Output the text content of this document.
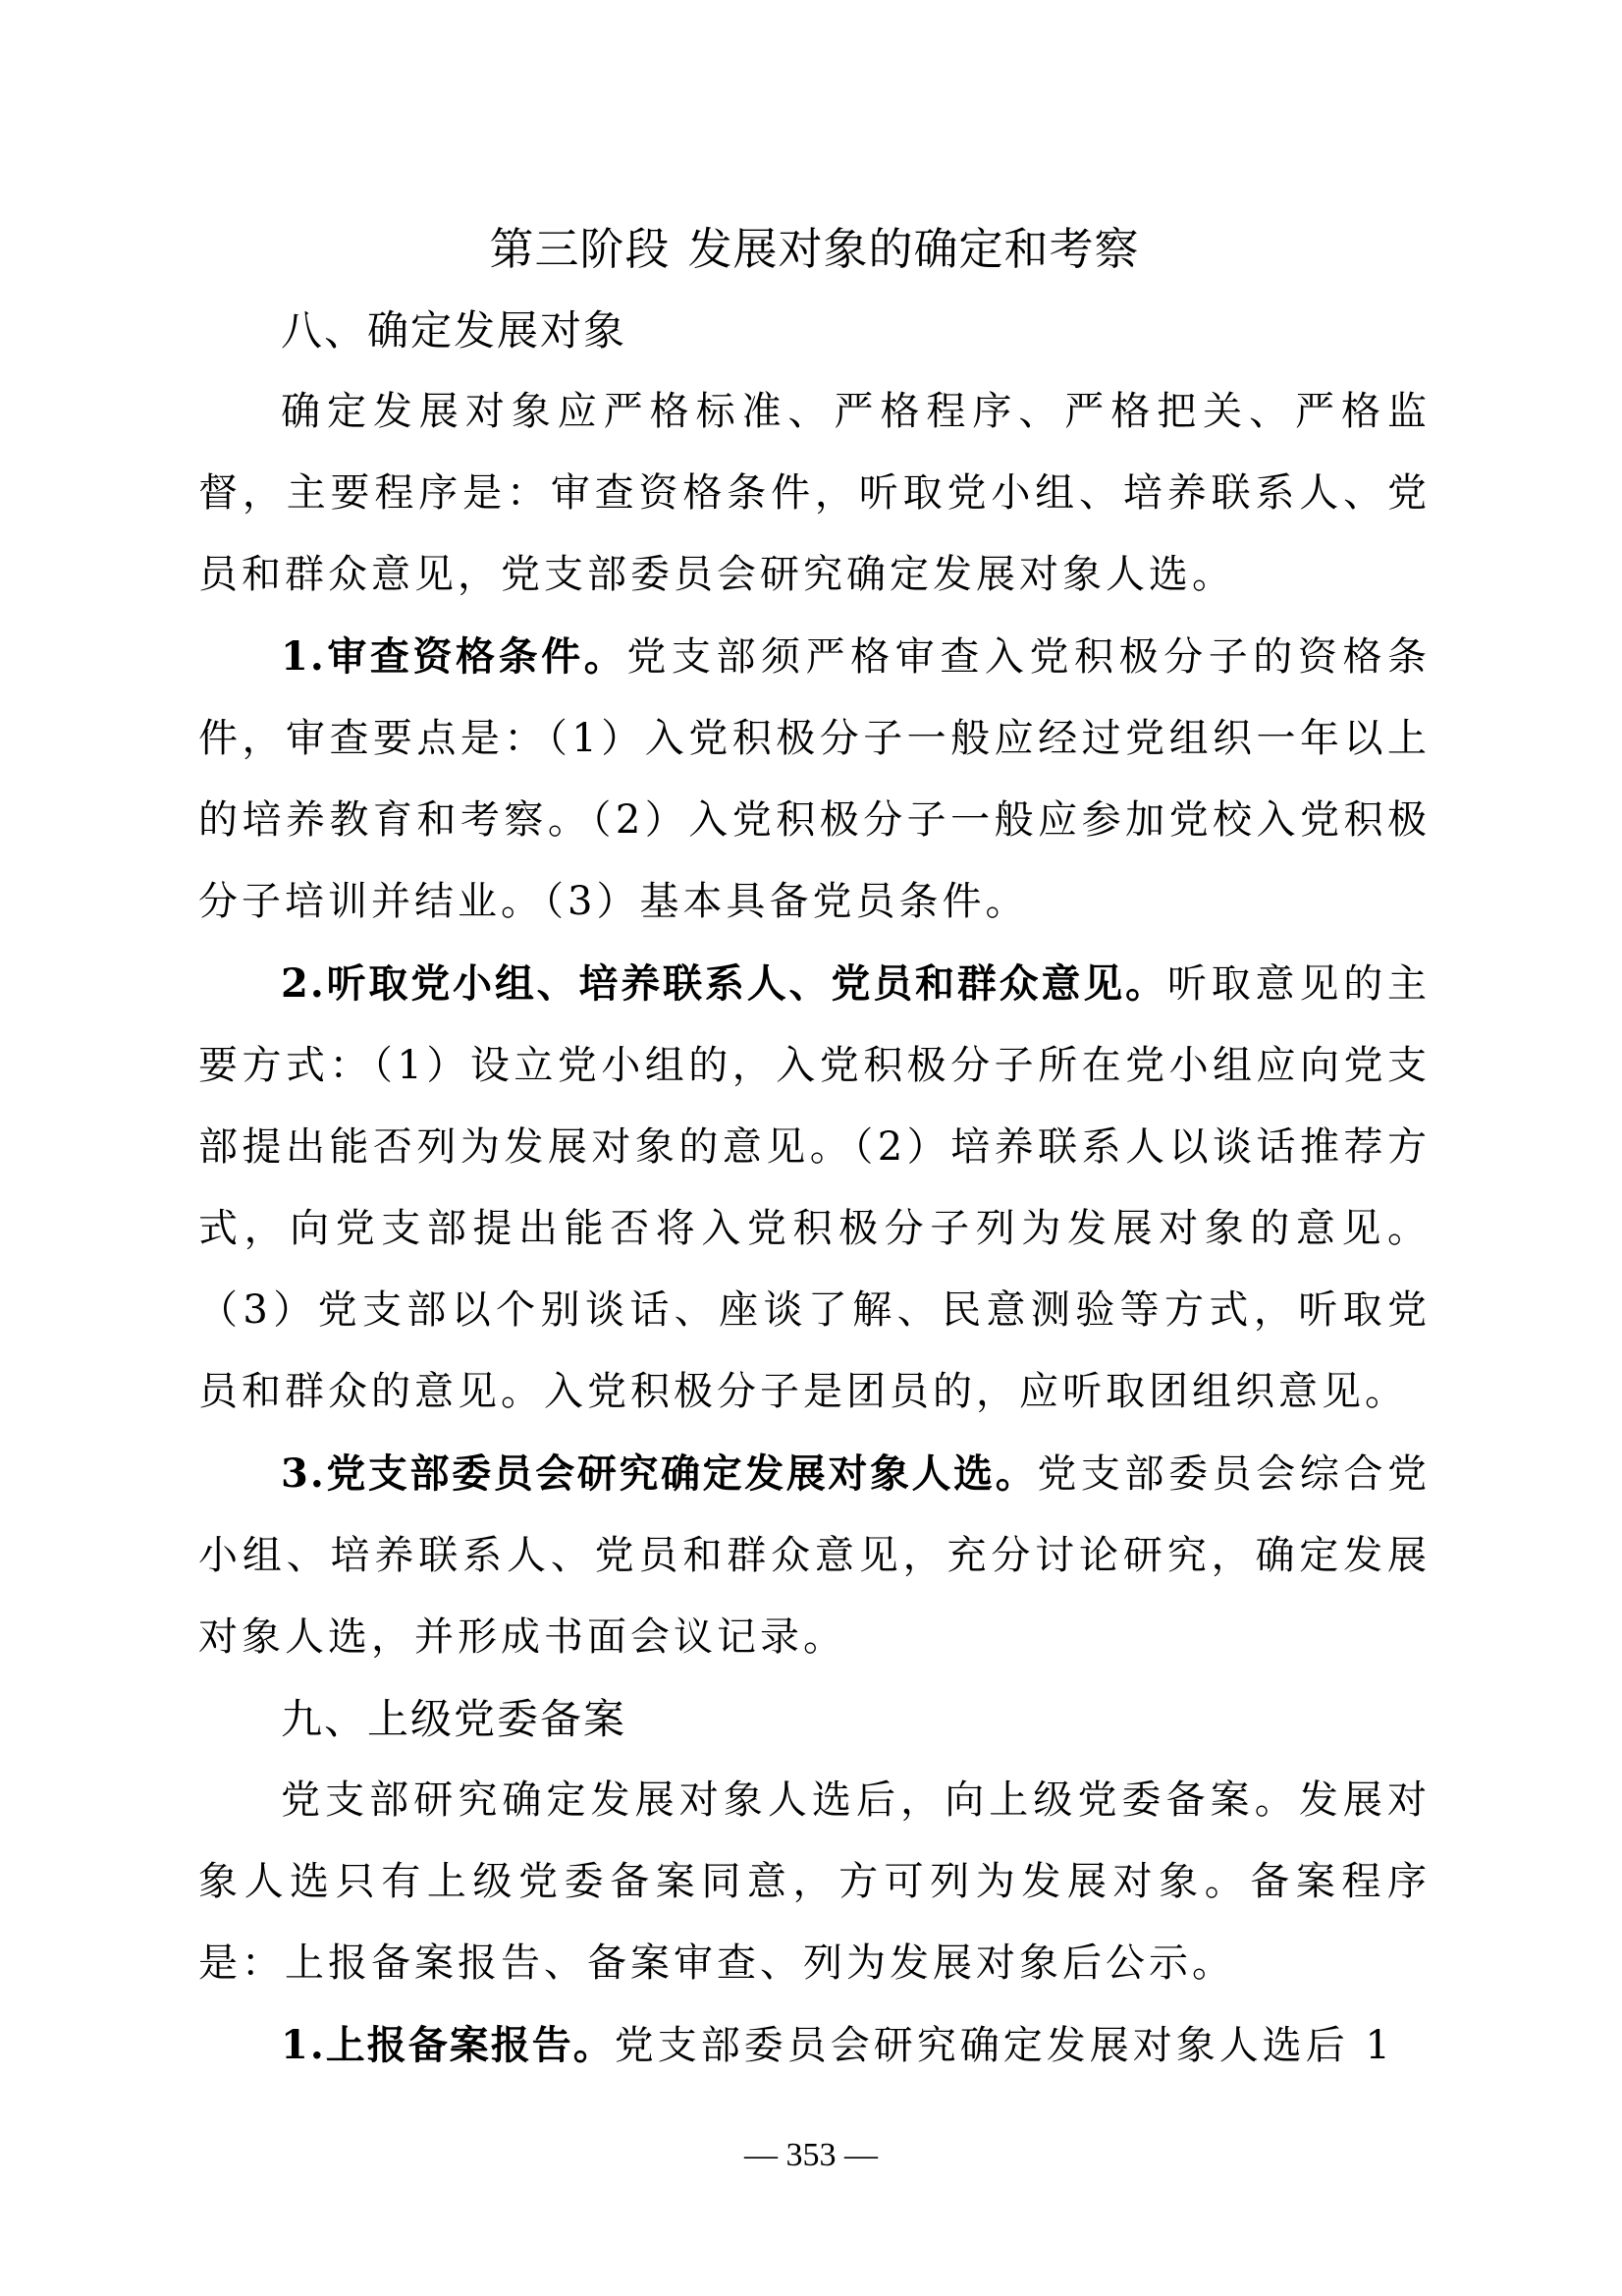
第三阶段 发展对象的确定和考察

八、确定发展对象

确定发展对象应严格标准、严格程序、严格把关、严格监督，主要程序是：审查资格条件，听取党小组、培养联系人、党员和群众意见，党支部委员会研究确定发展对象人选。

1.审查资格条件。党支部须严格审查入党积极分子的资格条件，审查要点是：（1）入党积极分子一般应经过党组织一年以上的培养教育和考察。（2）入党积极分子一般应参加党校入党积极分子培训并结业。（3）基本具备党员条件。

2.听取党小组、培养联系人、党员和群众意见。听取意见的主要方式：（1）设立党小组的，入党积极分子所在党小组应向党支部提出能否列为发展对象的意见。（2）培养联系人以谈话推荐方式，向党支部提出能否将入党积极分子列为发展对象的意见。（3）党支部以个别谈话、座谈了解、民意测验等方式，听取党员和群众的意见。入党积极分子是团员的，应听取团组织意见。

3.党支部委员会研究确定发展对象人选。党支部委员会综合党小组、培养联系人、党员和群众意见，充分讨论研究，确定发展对象人选，并形成书面会议记录。

九、上级党委备案

党支部研究确定发展对象人选后，向上级党委备案。发展对象人选只有上级党委备案同意，方可列为发展对象。备案程序是：上报备案报告、备案审查、列为发展对象后公示。

1.上报备案报告。党支部委员会研究确定发展对象人选后 1

— 353 —
